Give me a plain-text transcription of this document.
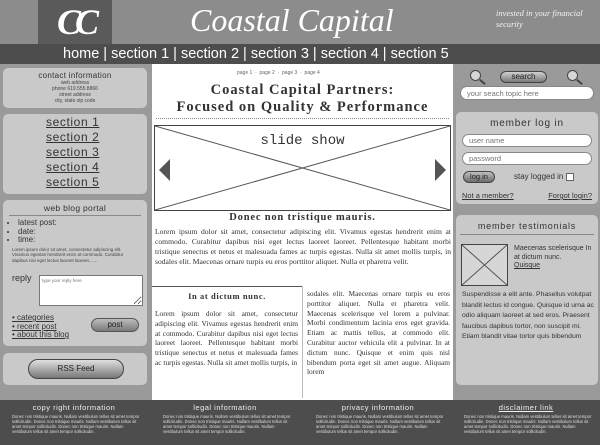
CC	Coastal Capital	invested in your financial security
home | section 1 | section 2 | section 3 | section 4 | section 5
contact information
web address
phone 619.555.8866
street address
city, state zip code
section 1
section 2
section 3
section 4
section 5
web blog portal
• latest post:
• date:
• time:
Lorem ipsum dolor sit amet, consectetur adipiscing elit. Vivamus egestas hendrerit enim at commodo. Curabitur dapibus nisi eget lectus laoreet laoreet.......
reply
type your reply here
• categories
• recent post
• about this blog
post
RSS Feed
page 1  ·  page 2  ·  page 3  ·  page 4
Coastal Capital Partners:
Focused on Quality & Performance
slide show
Donec non tristique mauris.
Lorem ipsum dolor sit amet, consectetur adipiscing elit. Vivamus egestas hendrerit enim at commodo. Curabitur dapibus nisi eget lectus laoreet laoreet. Pellentesque habitant morbi tristique senectus et netus et malesuada fames ac turpis egestas. Nulla sit amet mollis turpis, in sodales elit. Maecenas ornare turpis eu eros porttitor aliquet. Nulla et pharetra velit.
In at dictum nunc.
Lorem ipsum dolor sit amet, consectetur adipiscing elit. Vivamus egestas hendrerit enim at commodo. Curabitur dapibus nisi eget lectus laoreet laoreet. Pellentesque habitant morbi tristique senectus et netus et malesuada fames ac turpis egestas. Nulla sit amet mollis turpis, in
sodales elit. Maecenas ornare turpis eu eros porttitor aliquet. Nulla et pharetra velit. Maecenas scelerisque vel lorem a pulvinar. Morbi condimentum lacinia eros eget gravida. Etiam ac mattis tellus, at commodo elit. Curabitur auctor vehicula elit a pulvinar. In at dictum nunc. Quisque et enim quis nisl bibendum porta eget sit amet augue. Aliquam lorem
search
your seach topic here
member log in
user name
password
log in	stay logged in
Not a member?	Forgot login?
member testimonials
Maecenas scelerisque In at dictum nunc.
Quisque
Suspendisse a elit ante. Phasellus volutpat blandit lectus id congue. Quisque id urna ac odio aliquam laoreet at sed eros. Praesent faucibus dapibus tortor, non suscipit mi. Etiam blandit vitae tortor quis bibendum
copy right information
Donec non tristique mauris. Nullam vestibulum tellus sit amet tempor sollicitudin. Donec non tristique mauris. Nullam vestibulum tellus sit amet tempor sollicitudin. Donec non tristique mauris. Nullam vestibulum tellus sit amet tempor sollicitudin.
legal information
Donec non tristique mauris. Nullam vestibulum tellus sit amet tempor sollicitudin. Donec non tristique mauris. Nullam vestibulum tellus sit amet tempor sollicitudin. Donec non tristique mauris. Nullam vestibulum tellus sit amet tempor sollicitudin.
privacy information
Donec non tristique mauris. Nullam vestibulum tellus sit amet tempor sollicitudin. Donec non tristique mauris. Nullam vestibulum tellus sit amet tempor sollicitudin. Donec non tristique mauris. Nullam vestibulum tellus sit amet tempor sollicitudin.
disclaimer link
Donec non tristique mauris. Nullam vestibulum tellus sit amet tempor sollicitudin. Donec non tristique mauris. Nullam vestibulum tellus sit amet tempor sollicitudin. Donec non tristique mauris. Nullam vestibulum tellus sit amet tempor sollicitudin.
